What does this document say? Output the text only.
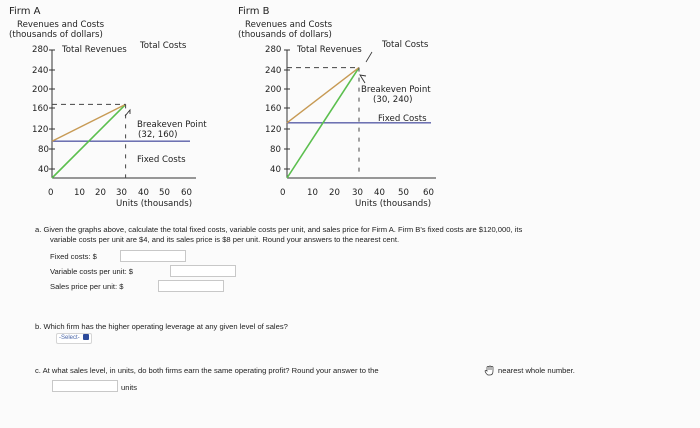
Firm A
Revenues and Costs
(thousands of dollars)
Total Revenues Total Costs
280
240
200
160
120
80
40
0 10 20 30 40 50 60
Units (thousands)
Breakeven Point
(32, 160)
Fixed Costs
Firm B
Revenues and Costs
(thousands of dollars)
Total Revenues Total Costs
280
240
200
160
120
80
40
0	10 20 30 40 50 60
Units (thousands)
Breakeven Point
(30, 240)
Fixed Costs
a. Given the graphs above, calculate the total fixed costs, variable costs per unit, and sales price for Firm A. Firm B's fixed costs are $120,000, its
variable costs per unit are $4, and its sales price is $8 per unit. Round your answers to the nearest cent.
Fixed costs: $
Variable costs per unit: $
Sales price per unit: $
b. Which firm has the higher operating leverage at any given level of sales?
-Select-
c. At what sales level, in units, do both firms earn the same operating profit? Round your answer to the	nearest whole number.
units
